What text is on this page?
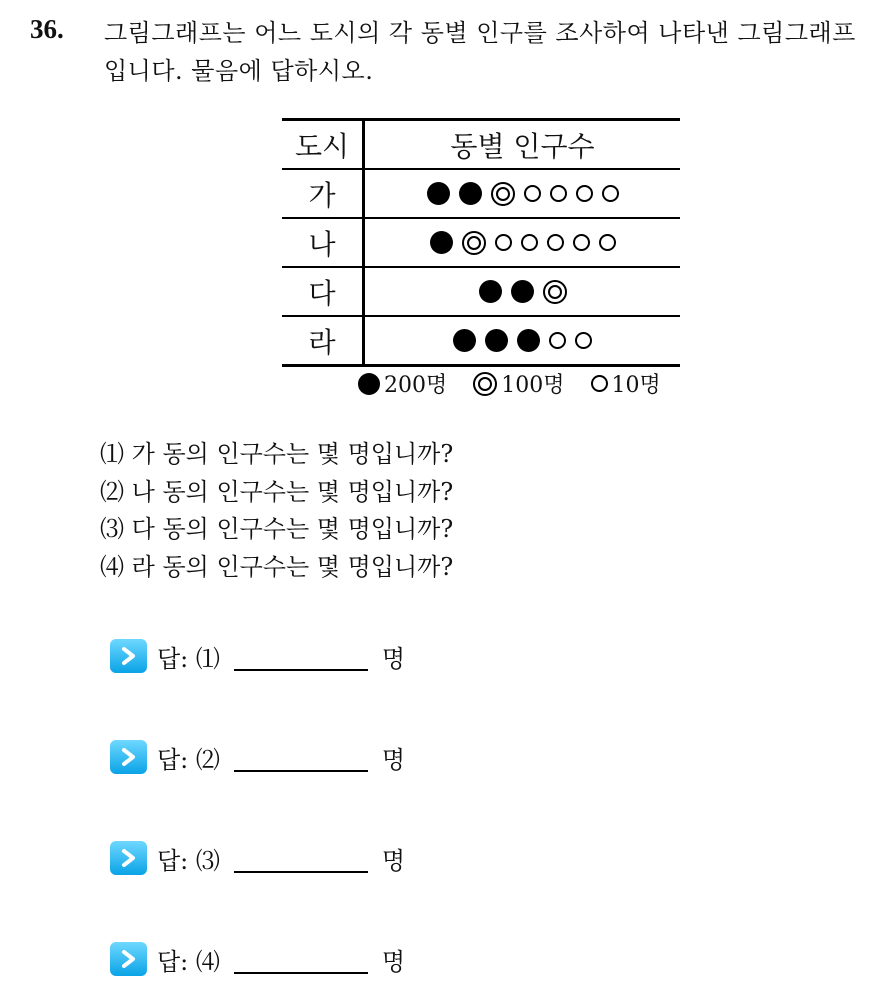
36. 그림그래프는 어느 도시의 각 동별 인구를 조사하여 나타낸 그림그래프입니다. 물음에 답하시오.
도시	동별 인구수
가	

나	

다	

라	
200명 100명 10명
⑴ 가 동의 인구수는 몇 명입니까?
⑵ 나 동의 인구수는 몇 명입니까?
⑶ 다 동의 인구수는 몇 명입니까?
⑷ 라 동의 인구수는 몇 명입니까?
답: ⑴	명
답: ⑵	명
답: ⑶	명
답: ⑷	명
